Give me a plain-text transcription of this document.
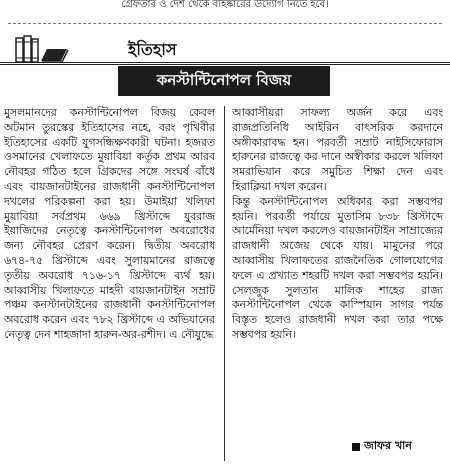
গ্রেফতার ও দেশ থেকে বহিষ্কারের উদ্যোগ নিতে হবে।
ইতিহাস
কনস্টান্টিনোপল বিজয়

মুসলমানদের কনস্টান্টিনোপল বিজয় কেবল অটমান তুরস্কের ইতিহাসের নহে, বরং পৃথিবীর ইতিহাসের একটি যুগসন্ধিক্ষণকারী ঘটনা। হজরত ওসমানের খেলাফতে মুয়াবিয়া কর্তৃক প্রথম আরব নৌবহর গঠিত হলে গ্রিকদের সঙ্গে সংঘর্ষ বাঁধে এবং বায়জানটাইনের রাজধানী কনস্টান্টিনোপল দখলের পরিকল্পনা করা হয়। উমাইয়া খলিফা মুয়াবিয়া সর্বপ্রথম ৬৬৯ খ্রিস্টাব্দে যুবরাজ ইয়াজিদের নেতৃত্বে কনস্টান্টিনোপল অবরোধের জন্য নৌবহর প্রেরণ করেন। দ্বিতীয় অবরোধ ৬৭৪-৭৫ খ্রিস্টাব্দে এবং সুলায়মানের রাজত্বে তৃতীয় অবরোধ ৭১৬-১৭ খ্রিস্টাব্দে ব্যর্থ হয়। আব্বাসীয় খিলাফতে মাহদী বায়জানটাইন সম্রাট পঞ্চম কনস্টানটাইনের রাজধানী কনস্টান্টিনোপল অবরোধ করেন এবং ৭৮২ খ্রিস্টাব্দে এ অভিযানের নেতৃত্ব দেন শাহজাদা হারুন-অর-রশীদ। এ নৌযুদ্ধে

আব্বাসীয়রা সাফল্য অর্জন করে এবং রাজপ্রতিনিধি আইরিন বাৎসরিক করদানে অঙ্গীকারাবদ্ধ হন। পরবর্তী সম্রাট নাইসিফোরাস হারুনের রাজত্বে কর দানে অস্বীকার করলে খলিফা সমরাভিযান করে সমুচিত শিক্ষা দেন এবং হিরাক্লিয়া দখল করেন।

কিন্তু কনস্টান্টিনোপল অধিকার করা সম্ভবপর হয়নি। পরবর্তী পর্যায়ে মুতাসিম ৮৩৮ খ্রিস্টাব্দে আর্মেনিয়া দখল করলেও বায়জানটাইন সাম্রাজ্যের রাজধানী অজেয় থেকে যায়। মামুনের পরে আব্বাসীয় খিলাফতের রাজনৈতিক গোলযোগের ফলে এ প্রখ্যাত শহরটি দখল করা সম্ভবপর হয়নি। সেলজুক সুলতান মালিক শাহের রাজ্য কনস্টান্টিনোপল থেকে কাস্পিয়ান সাগর পর্যন্ত বিস্তৃত হলেও রাজধানী দখল করা তার পক্ষে সম্ভবপর হয়নি।

জাফর খান
